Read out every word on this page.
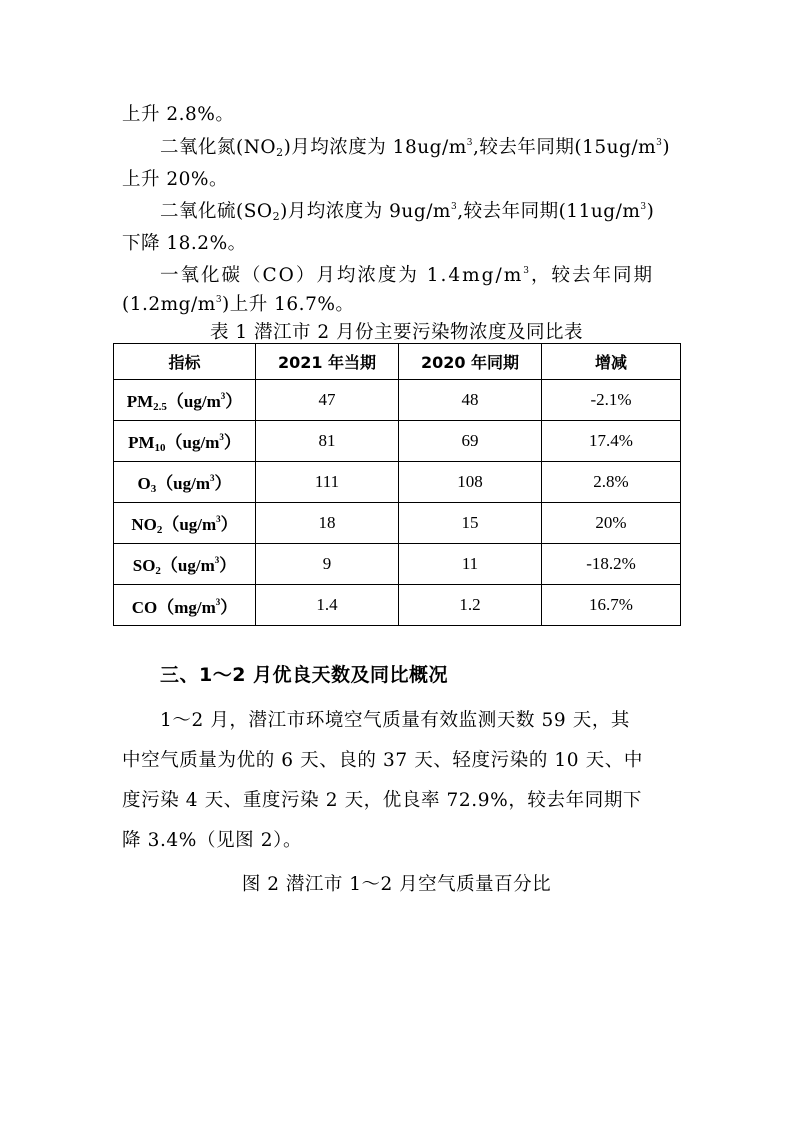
上升 2.8%。
二氧化氮$(NO_2)$月均浓度为 $18ug/m^3$,较去年同期$(15ug/m^3)$
上升 20%。
二氧化硫$(SO_2)$月均浓度为 $9ug/m^3$,较去年同期$(11ug/m^3)$
下降 18.2%。
一氧化碳（CO）月均浓度为 $1.4mg/m^3$，较去年同期
$(1.2mg/m^3)$上升 16.7%。
表 1 潜江市 2 月份主要污染物浓度及同比表
指标	2021 年当期	2020 年同期	增减
$PM_{2.5}(ug/m^3)$	47	48	-2.1%
$PM_{10}(ug/m^3)$	81	69	17.4%
$O_3(ug/m^3)$	111	108	2.8%
$NO_2(ug/m^3)$	18	15	20%
$SO_2(ug/m^3)$	9	11	-18.2%
$CO(mg/m^3)$	1.4	1.2	16.7%
三、1～2 月优良天数及同比概况
1～2 月，潜江市环境空气质量有效监测天数 59 天，其
中空气质量为优的 6 天、良的 37 天、轻度污染的 10 天、中
度污染 4 天、重度污染 2 天，优良率 72.9%，较去年同期下
降 3.4%（见图 2）。
图 2 潜江市 1～2 月空气质量百分比
